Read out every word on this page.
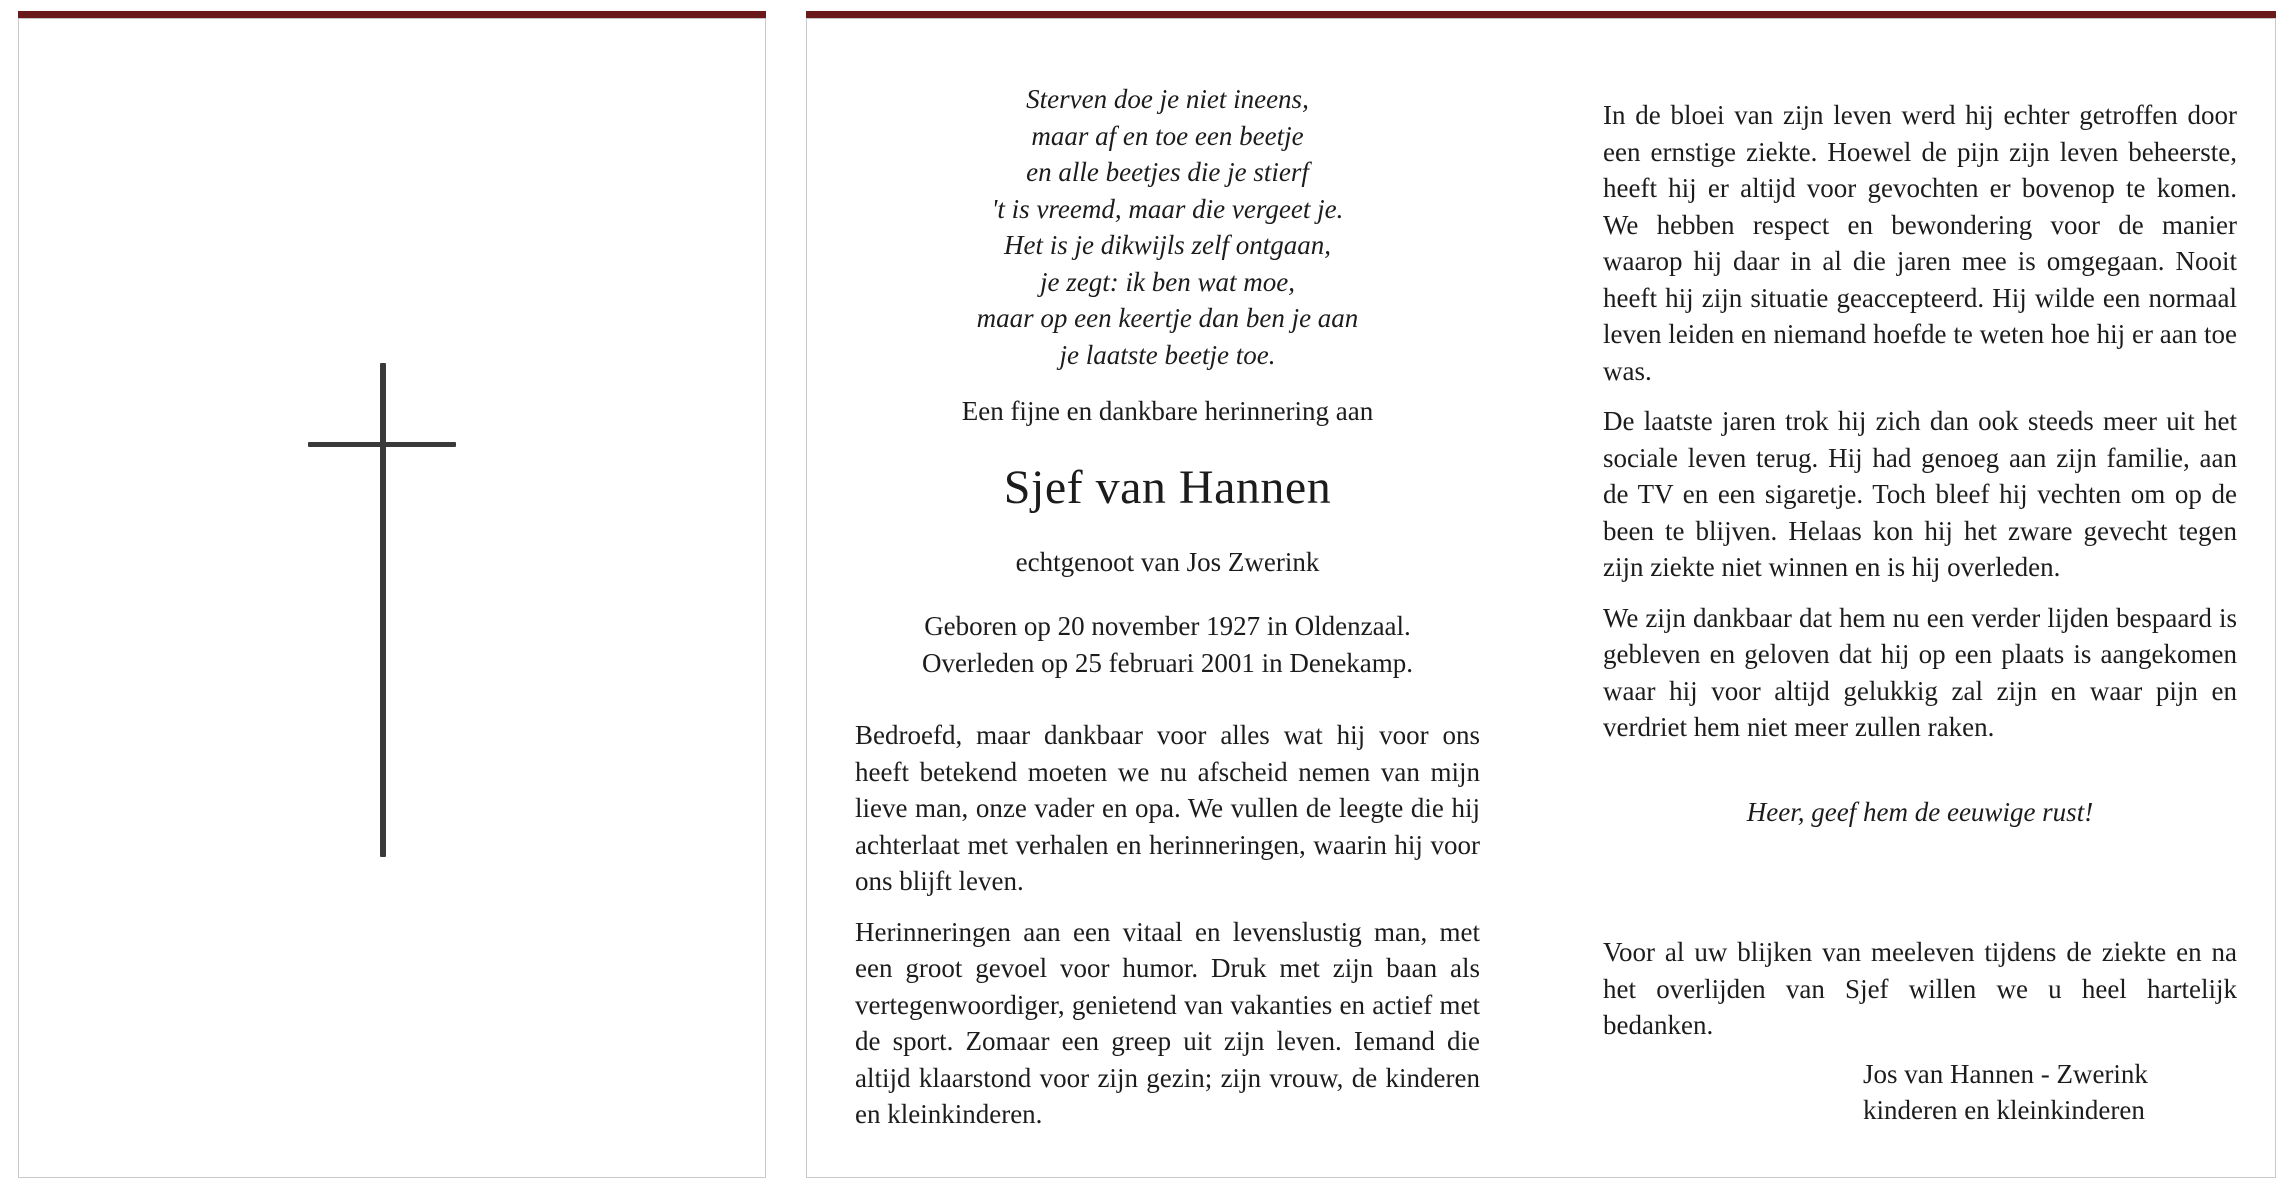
Sterven doe je niet ineens,
maar af en toe een beetje
en alle beetjes die je stierf
't is vreemd, maar die vergeet je.
Het is je dikwijls zelf ontgaan,
je zegt: ik ben wat moe,
maar op een keertje dan ben je aan
je laatste beetje toe.

Een fijne en dankbare herinnering aan
Sjef van Hannen
echtgenoot van Jos Zwerink
Geboren op 20 november 1927 in Oldenzaal.
Overleden op 25 februari 2001 in Denekamp.

Bedroefd, maar dankbaar voor alles wat hij voor ons heeft betekend moeten we nu afscheid nemen van mijn lieve man, onze vader en opa. We vullen de leegte die hij achterlaat met verhalen en herinneringen, waarin hij voor ons blijft leven.

Herinneringen aan een vitaal en levenslustig man, met een groot gevoel voor humor. Druk met zijn baan als vertegenwoordiger, genietend van vakanties en actief met de sport. Zomaar een greep uit zijn leven. Iemand die altijd klaarstond voor zijn gezin; zijn vrouw, de kinderen en kleinkinderen.

In de bloei van zijn leven werd hij echter getroffen door een ernstige ziekte. Hoewel de pijn zijn leven beheerste, heeft hij er altijd voor gevochten er bovenop te komen. We hebben respect en bewondering voor de manier waarop hij daar in al die jaren mee is omgegaan. Nooit heeft hij zijn situatie geaccepteerd. Hij wilde een normaal leven leiden en niemand hoefde te weten hoe hij er aan toe was.

De laatste jaren trok hij zich dan ook steeds meer uit het sociale leven terug. Hij had genoeg aan zijn familie, aan de TV en een sigaretje. Toch bleef hij vechten om op de been te blijven. Helaas kon hij het zware gevecht tegen zijn ziekte niet winnen en is hij overleden.

We zijn dankbaar dat hem nu een verder lijden bespaard is gebleven en geloven dat hij op een plaats is aangekomen waar hij voor altijd gelukkig zal zijn en waar pijn en verdriet hem niet meer zullen raken.

Heer, geef hem de eeuwige rust!

Voor al uw blijken van meeleven tijdens de ziekte en na het overlijden van Sjef willen we u heel hartelijk bedanken.

Jos van Hannen - Zwerink
kinderen en kleinkinderen
